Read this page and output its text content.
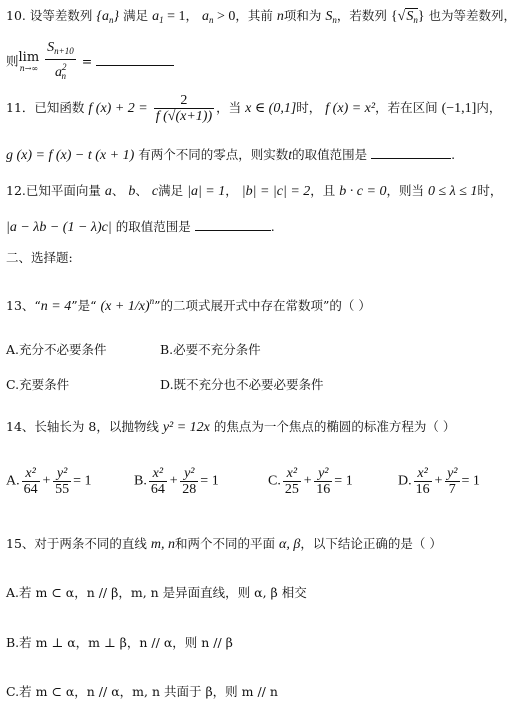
10. 设等差数列 $\{a_n\}$ 满足 $a_1 = 1$， $a_n > 0$，其前 n项和为 $S_n$，若数列 $\{√S_n\}$ 也为等差数列，
则 lim
n→∞
$\frac{S_{n+10}}{a^2_n}$ =
11．已知函数 f $(x) + 2 = \frac{2}{f (√(x+1))}$ ，当 x ∈ (0,1]时， f (x) = x²，若在区间 (−1,1]内，
g (x) = f (x) − t (x + 1) 有两个不同的零点，则实数t的取值范围是	.
12.已知平面向量 a、 b、 c满足 |a| = 1， |b| = |c| = 2，且 b · c = 0，则当 0 ≤ λ ≤ 1时，
|a − λb − (1 − λ)c| 的取值范围是	.
二、选择题:
13、“n = 4”是“ $(x + 1/x)^n$”的二项式展开式中存在常数项”的（ ）
A.充分不必要条件	B.必要不充分条件
C.充要条件	D.既不充分也不必要必要条件
14、长轴长为 8，以抛物线 y² = 12x 的焦点为一个焦点的椭圆的标准方程为（ ）
A. $\frac{\text{x²}}{64} + \frac{\text{y²}}{55} = 1$	B. $\frac{\text{x²}}{64} + \frac{\text{y²}}{28} = 1$	C. $\frac{\text{x²}}{25} + \frac{\text{y²}}{16} = 1$	D. $\frac{\text{x²}}{16} + \frac{\text{y²}}{7} = 1$
15、对于两条不同的直线 m, n和两个不同的平面 α, β，以下结论正确的是（ ）
A.若 m ⊂ α，n // β，m, n 是异面直线，则 α, β 相交
B.若 m ⊥ α，m ⊥ β，n // α，则 n // β
C.若 m ⊂ α，n // α，m, n 共面于 β，则 m // n
